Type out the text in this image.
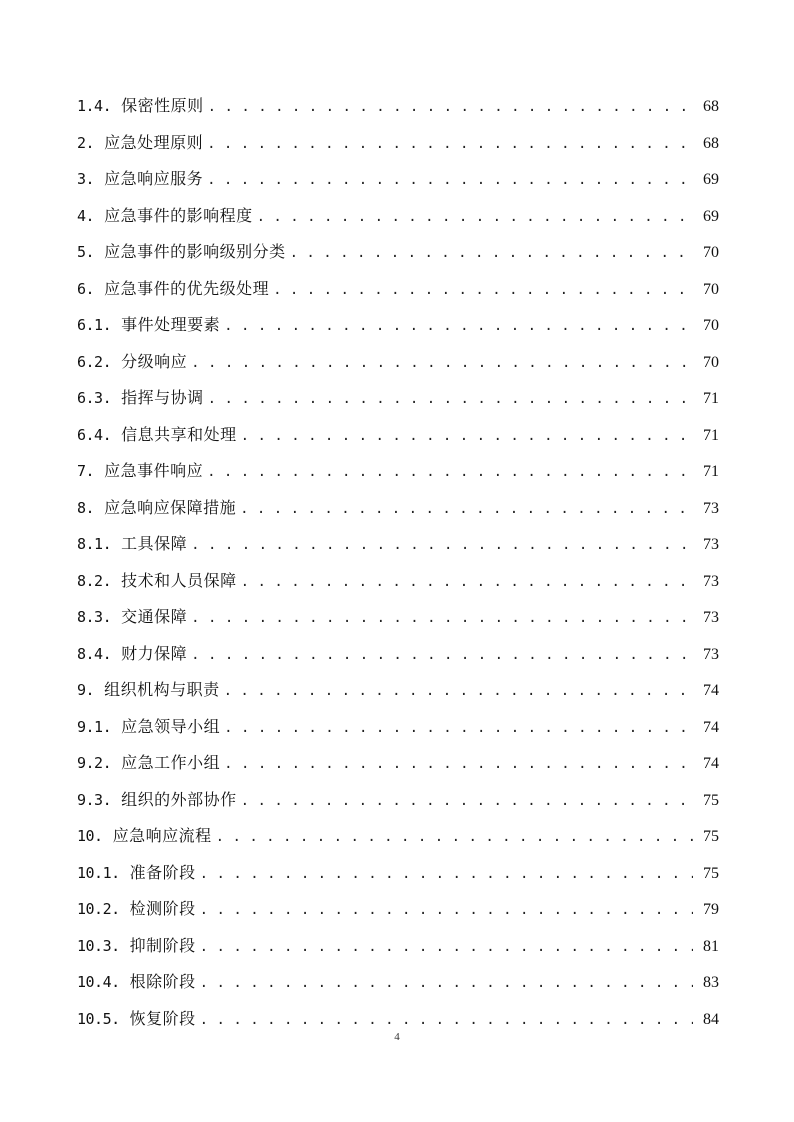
1.4. 保密性原则 . . .	68
2. 应急处理原则 . . .	68
3. 应急响应服务 . . .	69
4. 应急事件的影响程度 . . .	69
5. 应急事件的影响级别分类 . . .	70
6. 应急事件的优先级处理 . . .	70
6.1. 事件处理要素 . . .	70
6.2. 分级响应 . . .	70
6.3. 指挥与协调 . . .	71
6.4. 信息共享和处理 . . .	71
7. 应急事件响应 . . .	71
8. 应急响应保障措施 . . .	73
8.1. 工具保障 . . .	73
8.2. 技术和人员保障 . . .	73
8.3. 交通保障 . . .	73
8.4. 财力保障 . . .	73
9. 组织机构与职责 . . .	74
9.1. 应急领导小组 . . .	74
9.2. 应急工作小组 . . .	74
9.3. 组织的外部协作 . . .	75
10. 应急响应流程 . . .	75
10.1. 准备阶段 . . .	75
10.2. 检测阶段 . . .	79
10.3. 抑制阶段 . . .	81
10.4. 根除阶段 . . .	83
10.5. 恢复阶段 . . .	84
4
